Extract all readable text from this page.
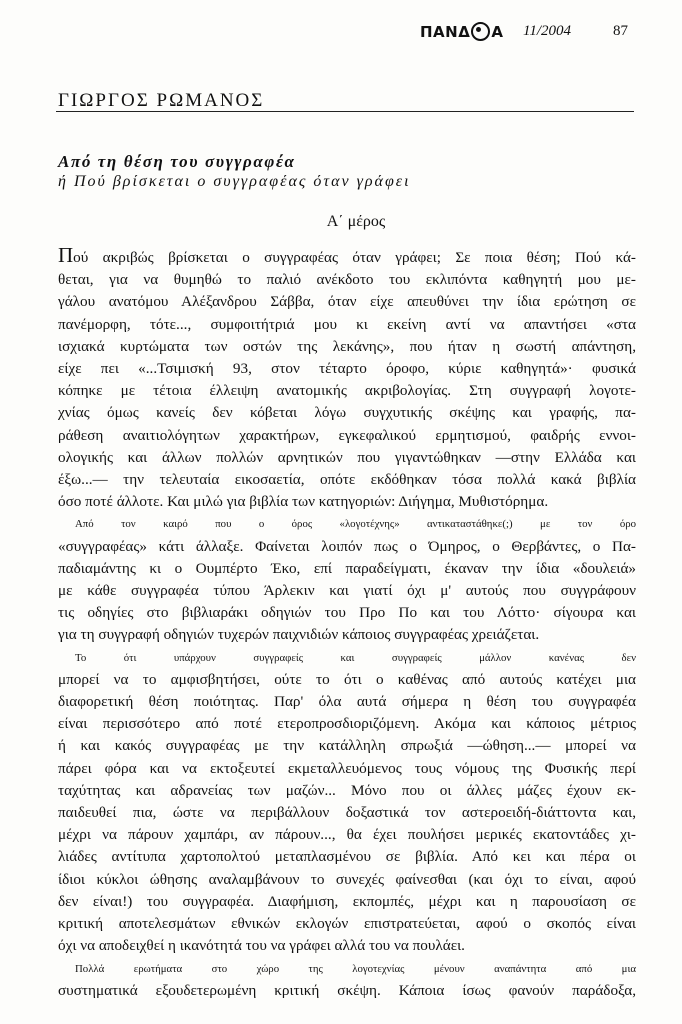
ΠΑΝΔ Α 11/2004	87
ΓΙΩΡΓΟΣ ΡΩΜΑΝΟΣ
Από τη θέση του συγγραφέα
ή Πού βρίσκεται ο συγγραφέας όταν γράφει
Α΄ μέρος

Πού ακριβώς βρίσκεται ο συγγραφέας όταν γράφει; Σε ποια θέση; Πού κά-
θεται, για να θυμηθώ το παλιό ανέκδοτο του εκλιπόντα καθηγητή μου με-
γάλου ανατόμου Αλέξανδρου Σάββα, όταν είχε απευθύνει την ίδια ερώτηση σε
πανέμορφη, τότε..., συμφοιτήτριά μου κι εκείνη αντί να απαντήσει «στα
ισχιακά κυρτώματα των οστών της λεκάνης», που ήταν η σωστή απάντηση,
είχε πει «...Τσιμισκή 93, στον τέταρτο όροφο, κύριε καθηγητά»· φυσικά
κόπηκε με τέτοια έλλειψη ανατομικής ακριβολογίας. Στη συγγραφή λογοτε-
χνίας όμως κανείς δεν κόβεται λόγω συγχυτικής σκέψης και γραφής, πα-
ράθεση αναιτιολόγητων χαρακτήρων, εγκεφαλικού ερμητισμού, φαιδρής εννοι-
ολογικής και άλλων πολλών αρνητικών που γιγαντώθηκαν —στην Ελλάδα και
έξω...— την τελευταία εικοσαετία, οπότε εκδόθηκαν τόσα πολλά κακά βιβλία
όσο ποτέ άλλοτε. Και μιλώ για βιβλία των κατηγοριών: Διήγημα, Μυθιστόρημα.

Από τον καιρό που ο όρος «λογοτέχνης» αντικαταστάθηκε(;) με τον όρο
«συγγραφέας» κάτι άλλαξε. Φαίνεται λοιπόν πως ο Όμηρος, ο Θερβάντες, ο Πα-
παδιαμάντης κι ο Ουμπέρτο Έκο, επί παραδείγματι, έκαναν την ίδια «δουλειά»
με κάθε συγγραφέα τύπου Άρλεκιν και γιατί όχι μ' αυτούς που συγγράφουν
τις οδηγίες στο βιβλιαράκι οδηγιών του Προ Πο και του Λόττο· σίγουρα και
για τη συγγραφή οδηγιών τυχερών παιχνιδιών κάποιος συγγραφέας χρειάζεται.

Το ότι υπάρχουν συγγραφείς και συγγραφείς μάλλον κανένας δεν
μπορεί να το αμφισβητήσει, ούτε το ότι ο καθένας από αυτούς κατέχει μια
διαφορετική θέση ποιότητας. Παρ' όλα αυτά σήμερα η θέση του συγγραφέα
είναι περισσότερο από ποτέ ετεροπροσδιοριζόμενη. Ακόμα και κάποιος μέτριος
ή και κακός συγγραφέας με την κατάλληλη σπρωξιά —ώθηση...— μπορεί να
πάρει φόρα και να εκτοξευτεί εκμεταλλευόμενος τους νόμους της Φυσικής περί
ταχύτητας και αδρανείας των μαζών... Μόνο που οι άλλες μάζες έχουν εκ-
παιδευθεί πια, ώστε να περιβάλλουν δοξαστικά τον αστεροειδή-διάττοντα και,
μέχρι να πάρουν χαμπάρι, αν πάρουν..., θα έχει πουλήσει μερικές εκατοντάδες χι-
λιάδες αντίτυπα χαρτοπολτού μεταπλασμένου σε βιβλία. Από κει και πέρα οι
ίδιοι κύκλοι ώθησης αναλαμβάνουν το συνεχές φαίνεσθαι (και όχι το είναι, αφού
δεν είναι!) του συγγραφέα. Διαφήμιση, εκπομπές, μέχρι και η παρουσίαση σε
κριτική αποτελεσμάτων εθνικών εκλογών επιστρατεύεται, αφού ο σκοπός είναι
όχι να αποδειχθεί η ικανότητά του να γράφει αλλά του να πουλάει.

Πολλά ερωτήματα στο χώρο της λογοτεχνίας μένουν αναπάντητα από μια
συστηματικά εξουδετερωμένη κριτική σκέψη. Κάποια ίσως φανούν παράδοξα,
